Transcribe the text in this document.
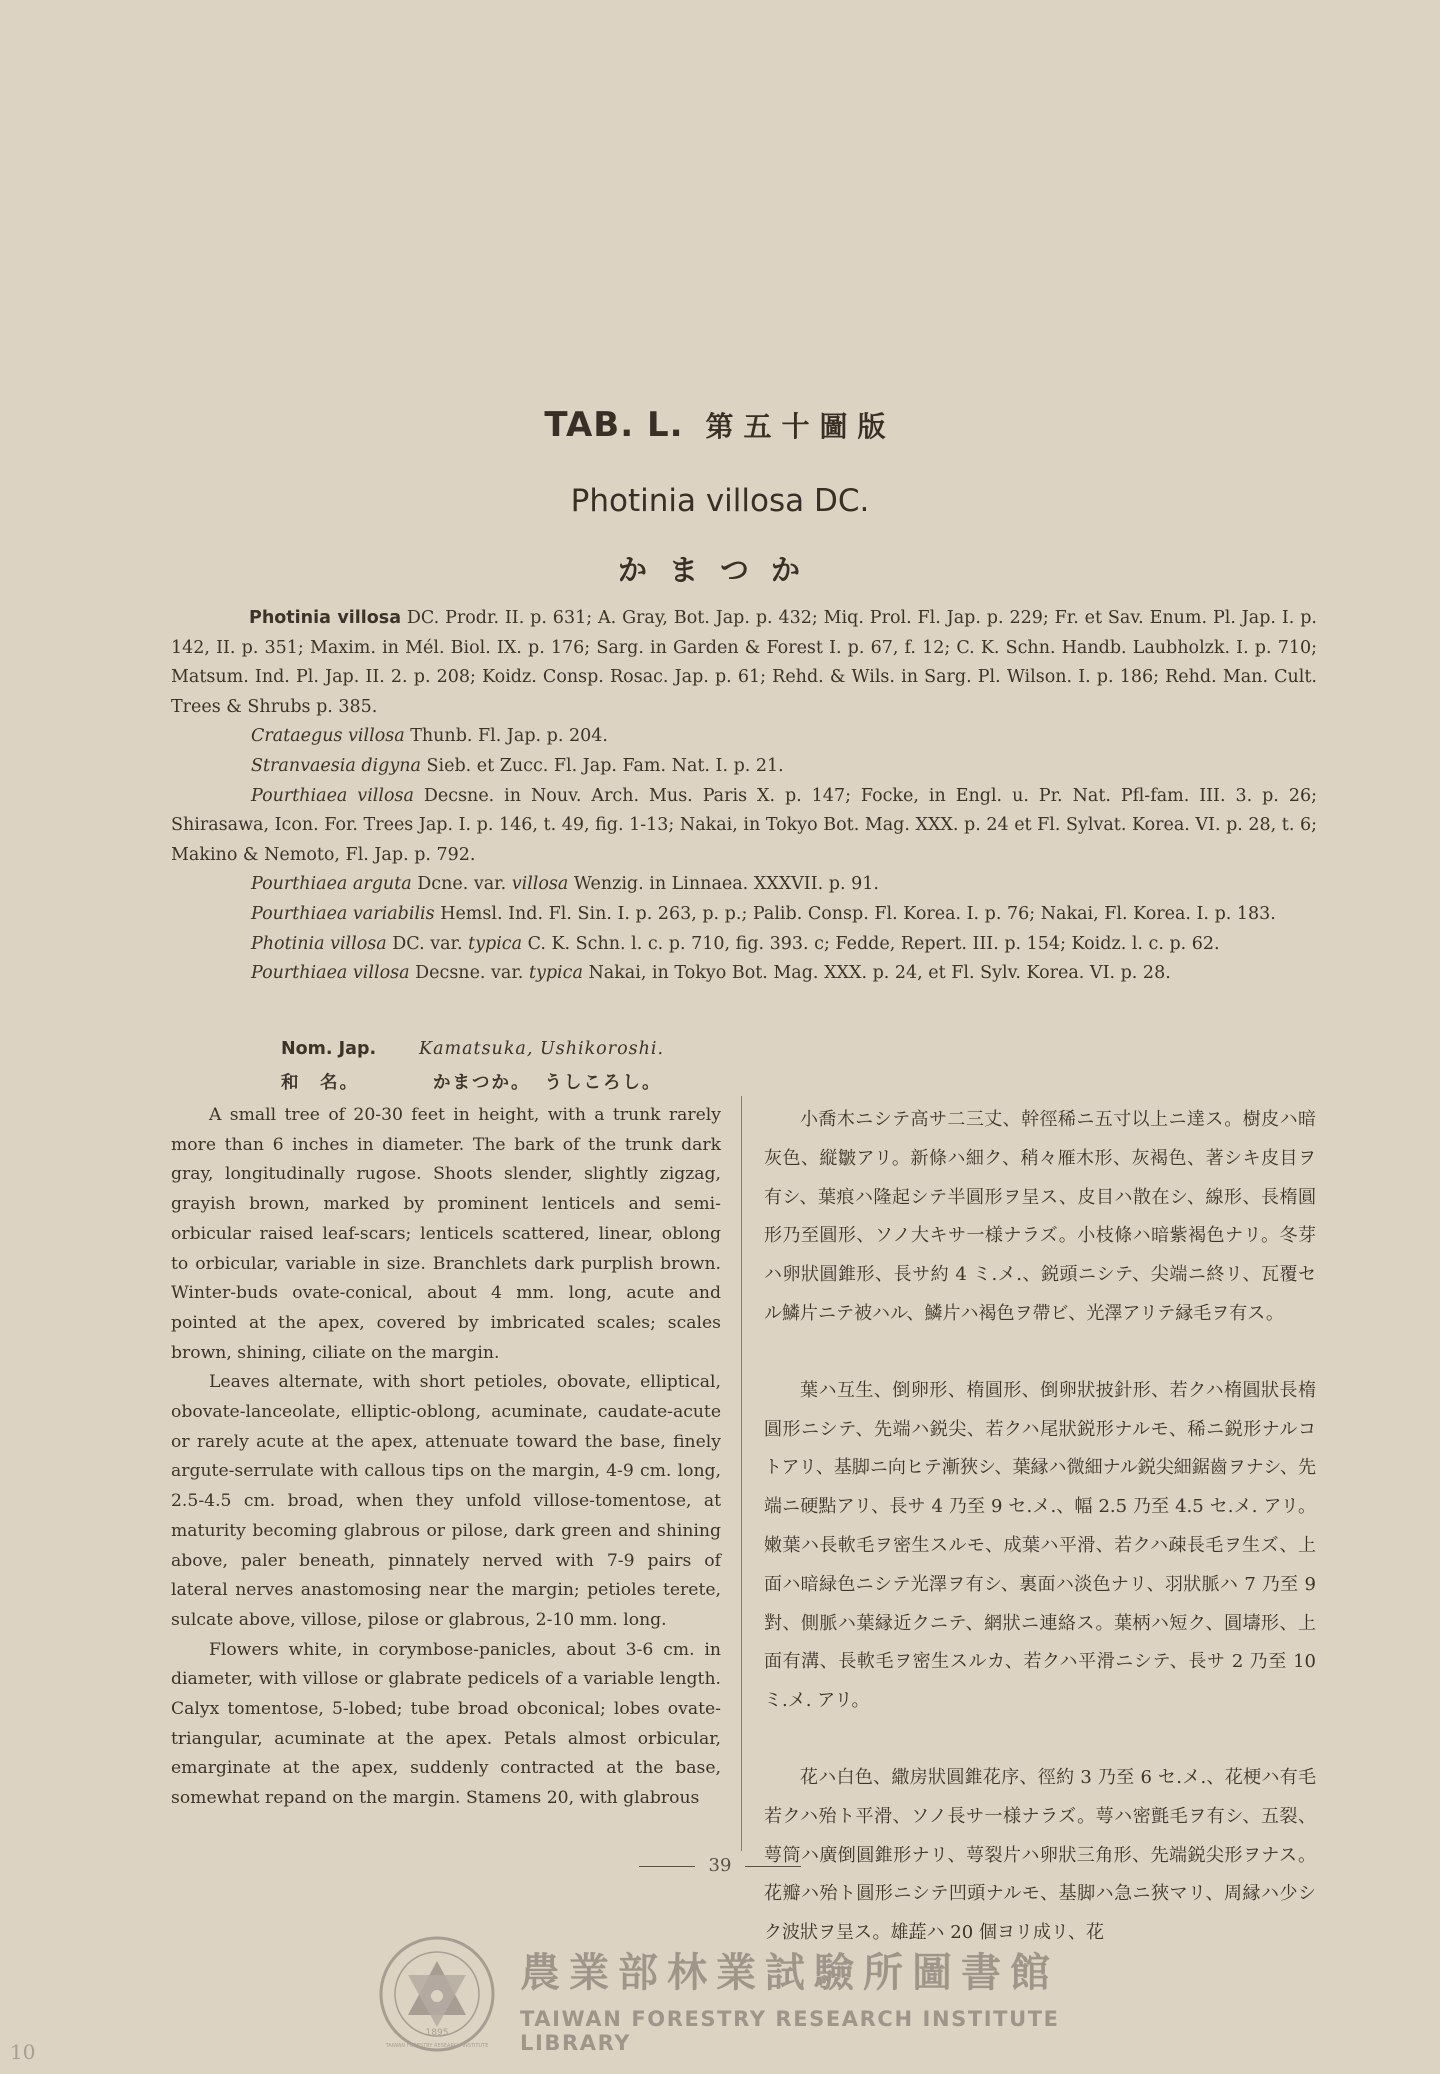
TAB. L. 第五十圖版
Photinia villosa DC.
かまつか

Photinia villosa DC. Prodr. II. p. 631; A. Gray, Bot. Jap. p. 432; Miq. Prol. Fl. Jap. p. 229; Fr. et Sav. Enum. Pl. Jap. I. p. 142, II. p. 351; Maxim. in Mél. Biol. IX. p. 176; Sarg. in Garden & Forest I. p. 67, f. 12; C. K. Schn. Handb. Laubholzk. I. p. 710; Matsum. Ind. Pl. Jap. II. 2. p. 208; Koidz. Consp. Rosac. Jap. p. 61; Rehd. & Wils. in Sarg. Pl. Wilson. I. p. 186; Rehd. Man. Cult. Trees & Shrubs p. 385.

Crataegus villosa Thunb. Fl. Jap. p. 204.

Stranvaesia digyna Sieb. et Zucc. Fl. Jap. Fam. Nat. I. p. 21.

Pourthiaea villosa Decsne. in Nouv. Arch. Mus. Paris X. p. 147; Focke, in Engl. u. Pr. Nat. Pfl-fam. III. 3. p. 26; Shirasawa, Icon. For. Trees Jap. I. p. 146, t. 49, fig. 1-13; Nakai, in Tokyo Bot. Mag. XXX. p. 24 et Fl. Sylvat. Korea. VI. p. 28, t. 6; Makino & Nemoto, Fl. Jap. p. 792.

Pourthiaea arguta Dcne. var. villosa Wenzig. in Linnaea. XXXVII. p. 91.

Pourthiaea variabilis Hemsl. Ind. Fl. Sin. I. p. 263, p. p.; Palib. Consp. Fl. Korea. I. p. 76; Nakai, Fl. Korea. I. p. 183.

Photinia villosa DC. var. typica C. K. Schn. l. c. p. 710, fig. 393. c; Fedde, Repert. III. p. 154; Koidz. l. c. p. 62.

Pourthiaea villosa Decsne. var. typica Nakai, in Tokyo Bot. Mag. XXX. p. 24, et Fl. Sylv. Korea. VI. p. 28.

Nom. Jap. Kamatsuka, Ushikoroshi.
和　名。	かまつか。 うしころし。

A small tree of 20-30 feet in height, with a trunk rarely more than 6 inches in diameter. The bark of the trunk dark gray, longitudinally rugose. Shoots slender, slightly zigzag, grayish brown, marked by prominent lenticels and semi-orbicular raised leaf-scars; lenticels scattered, linear, oblong to orbicular, variable in size. Branchlets dark purplish brown. Winter-buds ovate-conical, about 4 mm. long, acute and pointed at the apex, covered by imbricated scales; scales brown, shining, ciliate on the margin.

Leaves alternate, with short petioles, obovate, elliptical, obovate-lanceolate, elliptic-oblong, acuminate, caudate-acute or rarely acute at the apex, attenuate toward the base, finely argute-serrulate with callous tips on the margin, 4-9 cm. long, 2.5-4.5 cm. broad, when they unfold villose-tomentose, at maturity becoming glabrous or pilose, dark green and shining above, paler beneath, pinnately nerved with 7-9 pairs of lateral nerves anastomosing near the margin; petioles terete, sulcate above, villose, pilose or glabrous, 2-10 mm. long.

Flowers white, in corymbose-panicles, about 3-6 cm. in diameter, with villose or glabrate pedicels of a variable length. Calyx tomentose, 5-lobed; tube broad obconical; lobes ovate-triangular, acuminate at the apex. Petals almost orbicular, emarginate at the apex, suddenly contracted at the base, somewhat repand on the margin. Stamens 20, with glabrous

小喬木ニシテ高サ二三丈、幹徑稀ニ五寸以上ニ達ス。樹皮ハ暗灰色、縦皺アリ。新條ハ細ク、稍々雁木形、灰褐色、著シキ皮目ヲ有シ、葉痕ハ隆起シテ半圓形ヲ呈ス、皮目ハ散在シ、線形、長楕圓形乃至圓形、ソノ大キサ一様ナラズ。小枝條ハ暗紫褐色ナリ。冬芽ハ卵狀圓錐形、長サ約 4 ミ.メ.、鋭頭ニシテ、尖端ニ終リ、瓦覆セル鱗片ニテ被ハル、鱗片ハ褐色ヲ帶ビ、光澤アリテ縁毛ヲ有ス。

葉ハ互生、倒卵形、楕圓形、倒卵狀披針形、若クハ楕圓狀長楕圓形ニシテ、先端ハ鋭尖、若クハ尾狀鋭形ナルモ、稀ニ鋭形ナルコトアリ、基脚ニ向ヒテ漸狹シ、葉縁ハ微細ナル鋭尖細鋸齒ヲナシ、先端ニ硬點アリ、長サ 4 乃至 9 セ.メ.、幅 2.5 乃至 4.5 セ.メ. アリ。嫩葉ハ長軟毛ヲ密生スルモ、成葉ハ平滑、若クハ疎長毛ヲ生ズ、上面ハ暗緑色ニシテ光澤ヲ有シ、裏面ハ淡色ナリ、羽狀脈ハ 7 乃至 9 對、側脈ハ葉縁近クニテ、網狀ニ連絡ス。葉柄ハ短ク、圓壔形、上面有溝、長軟毛ヲ密生スルカ、若クハ平滑ニシテ、長サ 2 乃至 10 ミ.メ. アリ。

花ハ白色、繖房狀圓錐花序、徑約 3 乃至 6 セ.メ.、花梗ハ有毛若クハ殆ト平滑、ソノ長サ一様ナラズ。萼ハ密氈毛ヲ有シ、五裂、萼筒ハ廣倒圓錐形ナリ、萼裂片ハ卵狀三角形、先端鋭尖形ヲナス。花瓣ハ殆ト圓形ニシテ凹頭ナルモ、基脚ハ急ニ狹マリ、周縁ハ少シク波狀ヲ呈ス。雄蕋ハ 20 個ヨリ成リ、花

39
1895
TAIWAN FORESTRY RESEARCH INSTITUTE
農業部林業試驗所圖書館
TAIWAN FORESTRY RESEARCH INSTITUTE LIBRARY
10
